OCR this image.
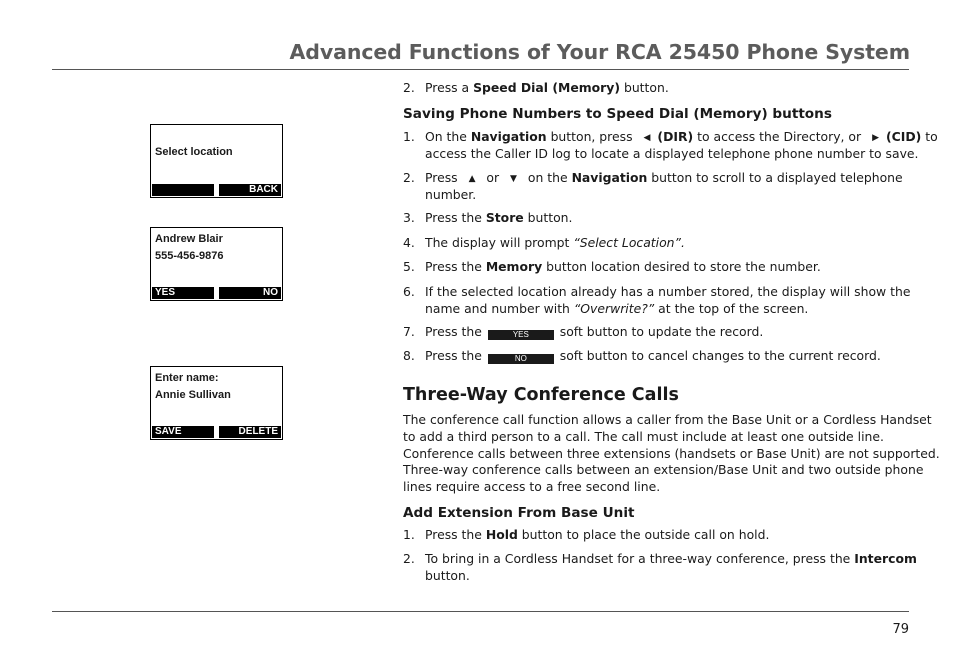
Advanced Functions of Your RCA 25450 Phone System
Select location
BACK
Andrew Blair
555-456-9876
YES	NO
Enter name:
Annie Sullivan
SAVE	DELETE
2. Press a Speed Dial (Memory) button.
Saving Phone Numbers to Speed Dial (Memory) buttons
1. On the Navigation button, press ◀ (DIR) to access the Directory, or ▶ (CID) to
access the Caller ID log to locate a displayed telephone phone number to save.
2. Press ▲ or ▼ on the Navigation button to scroll to a displayed telephone
number.
3. Press the Store button.
4. The display will prompt “Select Location”.
5. Press the Memory button location desired to store the number.
6. If the selected location already has a number stored, the display will show the
name and number with “Overwrite?” at the top of the screen.
7. Press the	YES soft button to update the record.
8. Press the	NO soft button to cancel changes to the current record.
Three-Way Conference Calls
The conference call function allows a caller from the Base Unit or a Cordless Handset
to add a third person to a call. The call must include at least one outside line.
Conference calls between three extensions (handsets or Base Unit) are not supported.
Three-way conference calls between an extension/Base Unit and two outside phone
lines require access to a free second line.
Add Extension From Base Unit
1. Press the Hold button to place the outside call on hold.
2. To bring in a Cordless Handset for a three-way conference, press the Intercom
button.
79
